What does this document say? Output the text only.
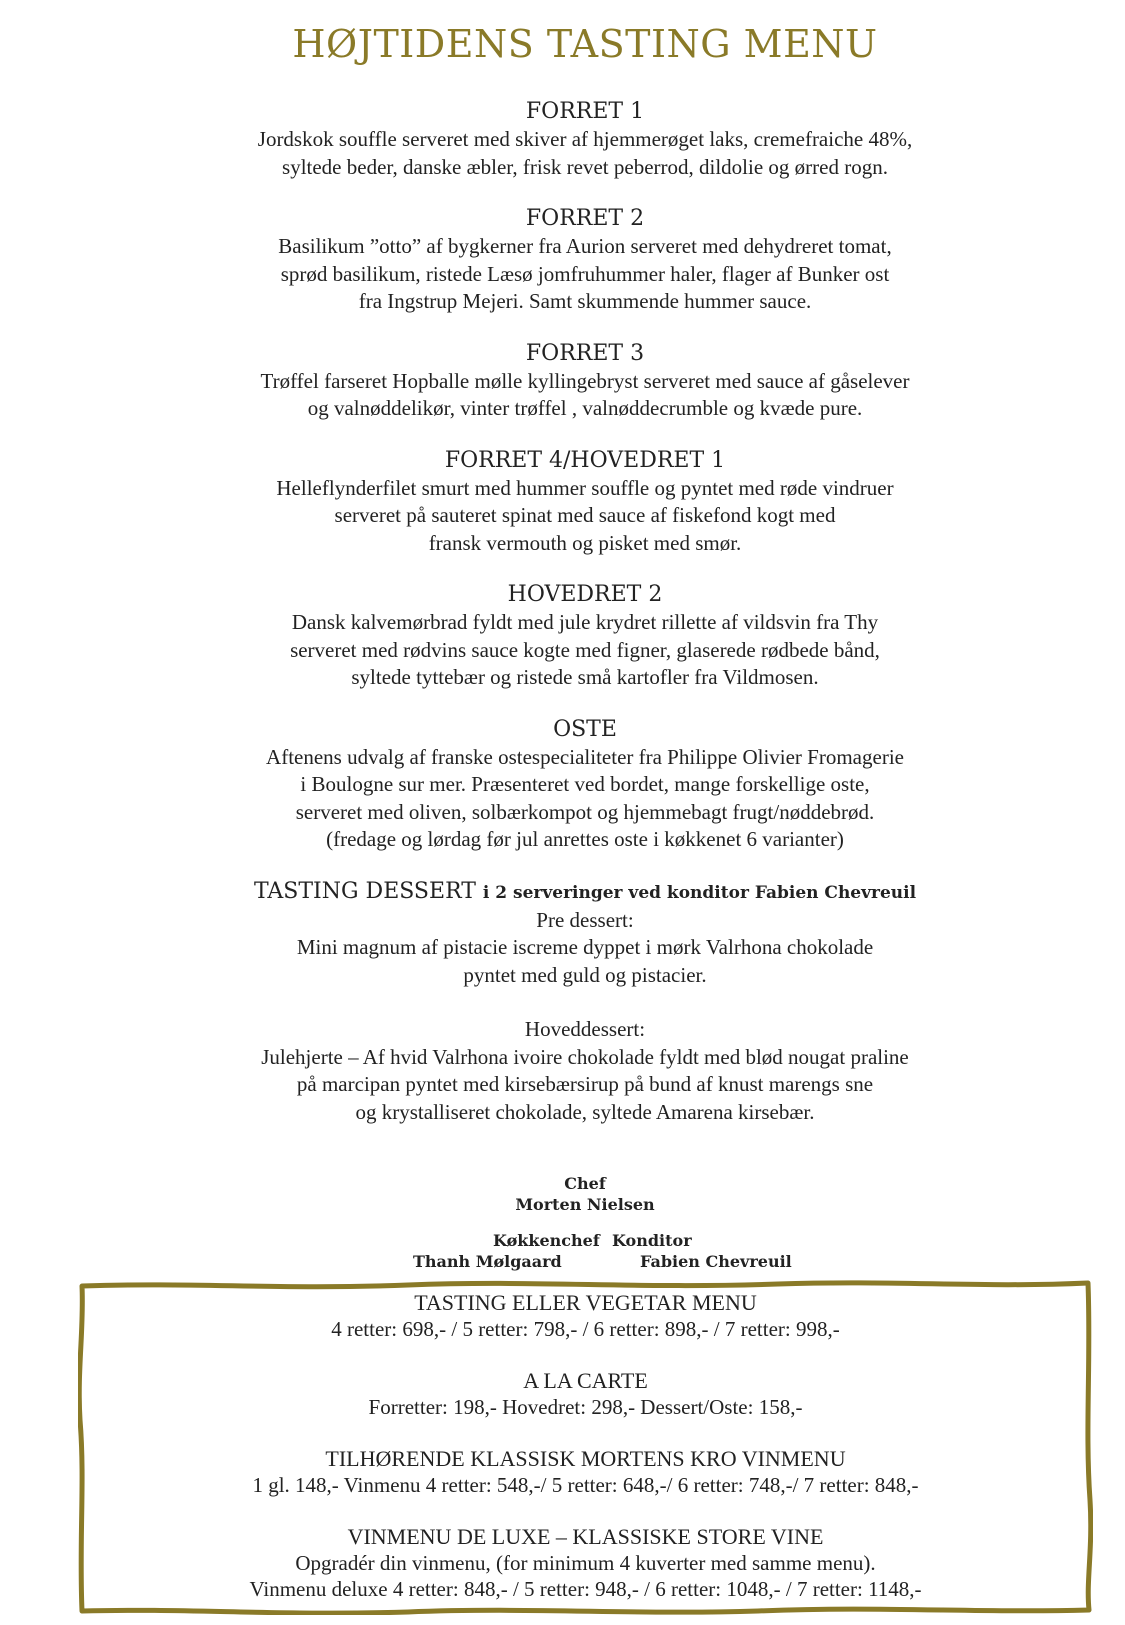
HØJTIDENS TASTING MENU
FORRET 1

Jordskok souffle serveret med skiver af hjemmerøget laks, cremefraiche 48%,

syltede beder, danske æbler, frisk revet peberrod, dildolie og ørred rogn.

FORRET 2

Basilikum ”otto” af bygkerner fra Aurion serveret med dehydreret tomat,

sprød basilikum, ristede Læsø jomfruhummer haler, flager af Bunker ost

fra Ingstrup Mejeri. Samt skummende hummer sauce.

FORRET 3

Trøffel farseret Hopballe mølle kyllingebryst serveret med sauce af gåselever

og valnøddelikør, vinter trøffel , valnøddecrumble og kvæde pure.

FORRET 4/HOVEDRET 1

Helleflynderfilet smurt med hummer souffle og pyntet med røde vindruer

serveret på sauteret spinat med sauce af fiskefond kogt med

fransk vermouth og pisket med smør.

HOVEDRET 2

Dansk kalvemørbrad fyldt med jule krydret rillette af vildsvin fra Thy

serveret med rødvins sauce kogte med figner, glaserede rødbede bånd,

syltede tyttebær og ristede små kartofler fra Vildmosen.

OSTE

Aftenens udvalg af franske ostespecialiteter fra Philippe Olivier Fromagerie

i Boulogne sur mer. Præsenteret ved bordet, mange forskellige oste,

serveret med oliven, solbærkompot og hjemmebagt frugt/nøddebrød.

(fredage og lørdag før jul anrettes oste i køkkenet 6 varianter)

TASTING DESSERT i 2 serveringer ved konditor Fabien Chevreuil

Pre dessert:

Mini magnum af pistacie iscreme dyppet i mørk Valrhona chokolade

pyntet med guld og pistacier.

Hoveddessert:

Julehjerte – Af hvid Valrhona ivoire chokolade fyldt med blød nougat praline

på marcipan pyntet med kirsebærsirup på bund af knust marengs sne

og krystalliseret chokolade, syltede Amarena kirsebær.

Chef
Morten Nielsen
Køkkenchef Konditor
Thanh Mølgaard	Fabien Chevreuil
TASTING ELLER VEGETAR MENU

4 retter: 698,- / 5 retter: 798,- / 6 retter: 898,- / 7 retter: 998,-

A LA CARTE

Forretter: 198,- Hovedret: 298,- Dessert/Oste: 158,-

TILHØRENDE KLASSISK MORTENS KRO VINMENU

1 gl. 148,- Vinmenu 4 retter: 548,-/ 5 retter: 648,-/ 6 retter: 748,-/ 7 retter: 848,-

VINMENU DE LUXE – KLASSISKE STORE VINE

Opgradér din vinmenu, (for minimum 4 kuverter med samme menu).

Vinmenu deluxe 4 retter: 848,- / 5 retter: 948,- / 6 retter: 1048,- / 7 retter: 1148,-
